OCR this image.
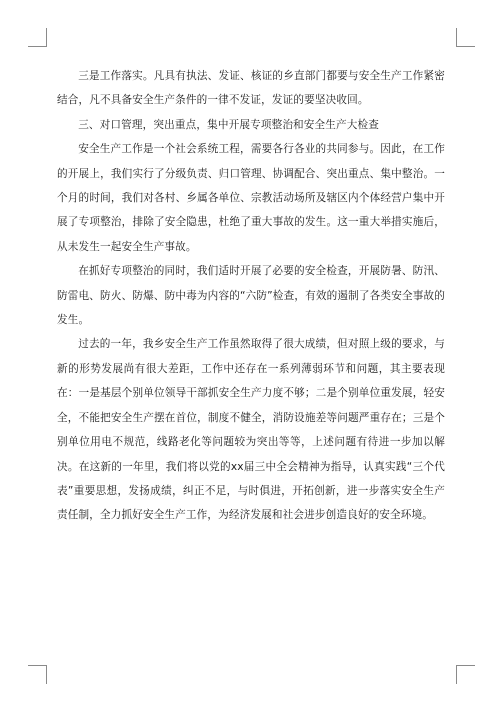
三是工作落实。凡具有执法、发证、核证的乡直部门都要与安全生产工作紧密结合，凡不具备安全生产条件的一律不发证，发证的要坚决收回。

三、对口管理，突出重点，集中开展专项整治和安全生产大检查

安全生产工作是一个社会系统工程，需要各行各业的共同参与。因此，在工作的开展上，我们实行了分级负责、归口管理、协调配合、突出重点、集中整治。一个月的时间，我们对各村、乡属各单位、宗教活动场所及辖区内个体经营户集中开展了专项整治，排除了安全隐患，杜绝了重大事故的发生。这一重大举措实施后，从未发生一起安全生产事故。

在抓好专项整治的同时，我们适时开展了必要的安全检查，开展防暑、防汛、防雷电、防火、防爆、防中毒为内容的“六防”检查，有效的遏制了各类安全事故的发生。

过去的一年，我乡安全生产工作虽然取得了很大成绩，但对照上级的要求，与新的形势发展尚有很大差距，工作中还存在一系列薄弱环节和问题，其主要表现在：一是基层个别单位领导干部抓安全生产力度不够；二是个别单位重发展，轻安全，不能把安全生产摆在首位，制度不健全，消防设施差等问题严重存在；三是个别单位用电不规范，线路老化等问题较为突出等等，上述问题有待进一步加以解决。在这新的一年里，我们将以党的xx届三中全会精神为指导，认真实践“三个代表”重要思想，发扬成绩，纠正不足，与时俱进，开拓创新，进一步落实安全生产责任制，全力抓好安全生产工作，为经济发展和社会进步创造良好的安全环境。
